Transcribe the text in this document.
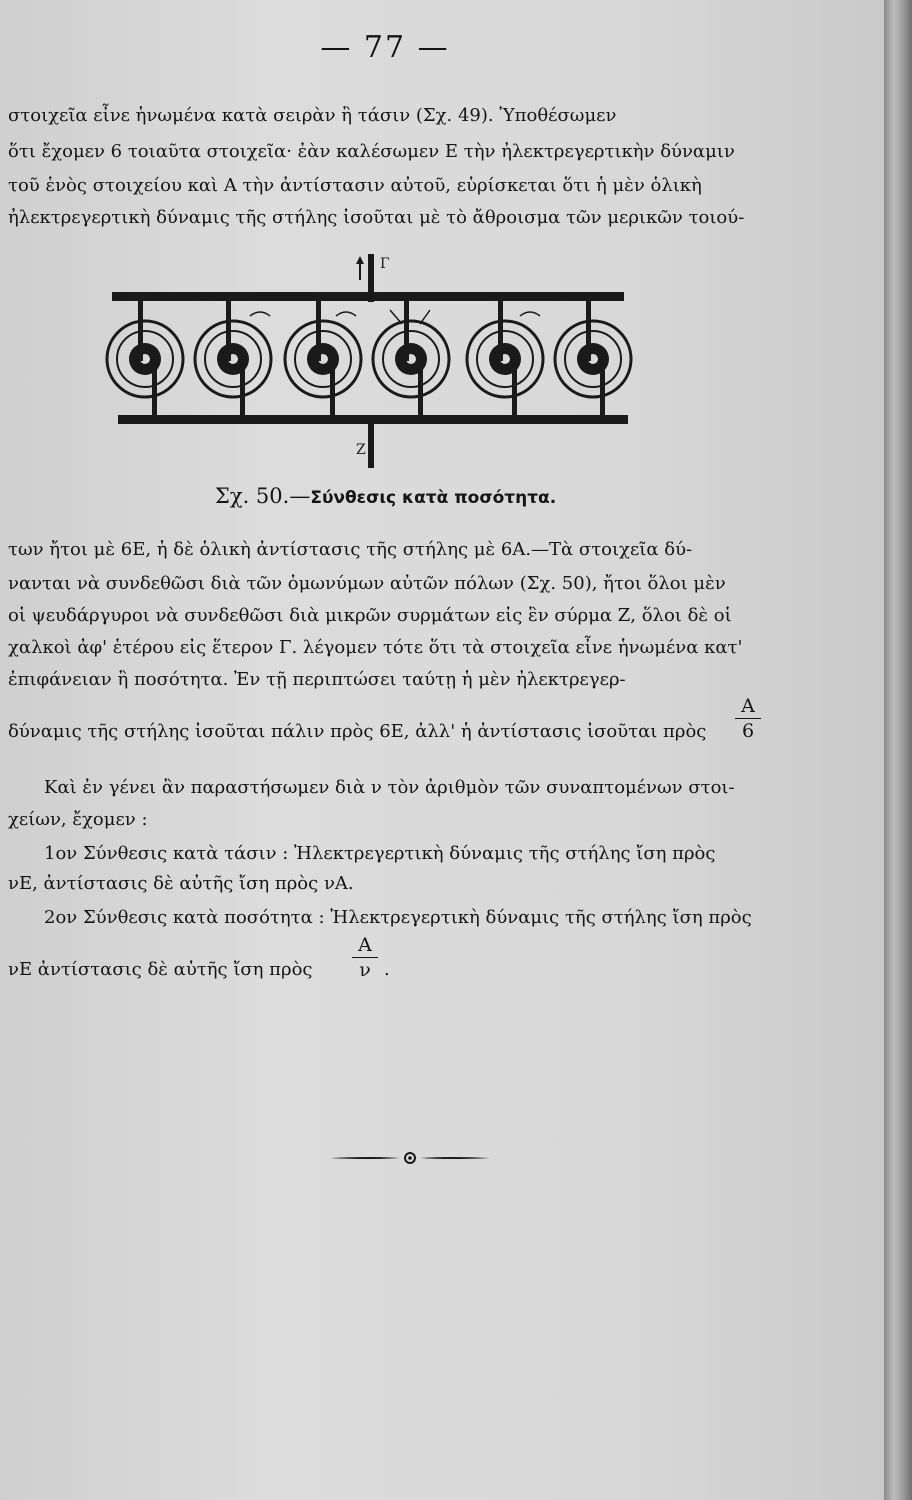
— 77 —
στοιχεῖα εἶνε ἡνωμένα κατὰ σειρὰν ἢ τάσιν (Σχ. 49). Ὑποθέσωμεν
ὅτι ἔχομεν 6 τοιαῦτα στοιχεῖα· ἐὰν καλέσωμεν Ε τὴν ἠλεκτρεγερτικὴν δύναμιν
τοῦ ἑνὸς στοιχείου καὶ Α τὴν ἀντίστασιν αὐτοῦ, εὑρίσκεται ὅτι ἡ μὲν ὁλικὴ
ἠλεκτρεγερτικὴ δύναμις τῆς στήλης ἰσοῦται μὲ τὸ ἄθροισμα τῶν μερικῶν τοιού-
Γ
Ζ
Σχ. 50.—Σύνθεσις κατὰ ποσότητα.
των ἤτοι μὲ 6Ε, ἡ δὲ ὁλικὴ ἀντίστασις τῆς στήλης μὲ 6Α.—Τὰ στοιχεῖα δύ-
νανται νὰ συνδεθῶσι διὰ τῶν ὁμωνύμων αὐτῶν πόλων (Σχ. 50), ἤτοι ὅλοι μὲν
οἱ ψευδάργυροι νὰ συνδεθῶσι διὰ μικρῶν συρμάτων εἰς ἓν σύρμα Ζ, ὅλοι δὲ οἱ
χαλκοὶ ἀφ' ἑτέρου εἰς ἕτερον Γ. λέγομεν τότε ὅτι τὰ στοιχεῖα εἶνε ἡνωμένα κατ'
ἐπιφάνειαν ἢ ποσότητα. Ἐν τῇ περιπτώσει ταύτῃ ἡ μὲν ἠλεκτρεγερ-
δύναμις τῆς στήλης ἰσοῦται πάλιν πρὸς 6Ε, ἀλλ' ἡ ἀντίστασις ἰσοῦται πρὸς
Α
6
Καὶ ἐν γένει ἂν παραστήσωμεν διὰ ν τὸν ἀριθμὸν τῶν συναπτομένων στοι-
χείων, ἔχομεν :
1ον Σύνθεσις κατὰ τάσιν : Ἠλεκτρεγερτικὴ δύναμις τῆς στήλης ἴση πρὸς
νΕ, ἀντίστασις δὲ αὐτῆς ἴση πρὸς νΑ.
2ον Σύνθεσις κατὰ ποσότητα : Ἠλεκτρεγερτικὴ δύναμις τῆς στήλης ἴση πρὸς
νΕ ἀντίστασις δὲ αὐτῆς ἴση πρὸς
Α
ν .
